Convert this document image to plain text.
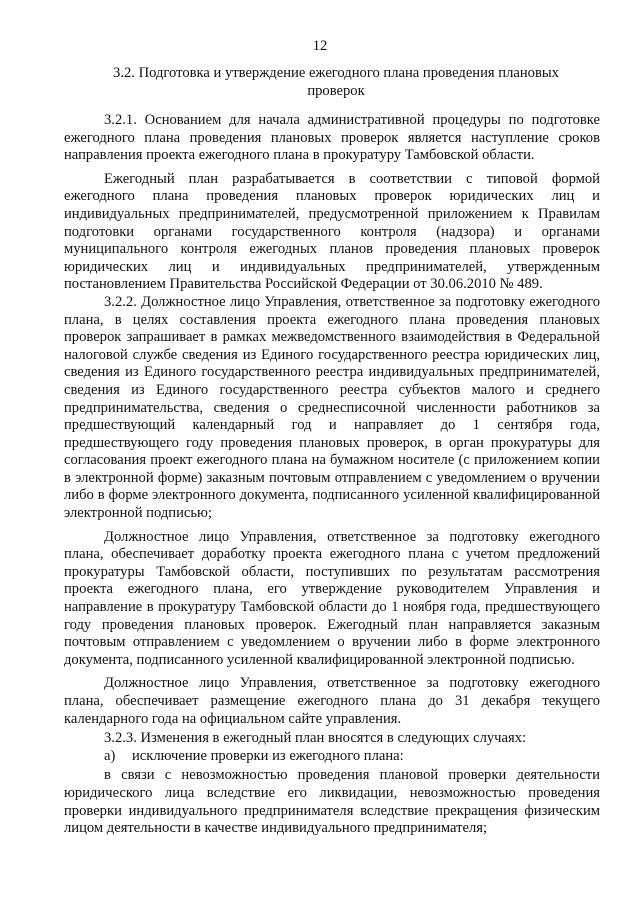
12
3.2. Подготовка и утверждение ежегодного плана проведения плановых проверок

3.2.1. Основанием для начала административной процедуры по подготовке ежегодного плана проведения плановых проверок является наступление сроков направления проекта ежегодного плана в прокуратуру Тамбовской области.

Ежегодный план разрабатывается в соответствии с типовой формой ежегодного плана проведения плановых проверок юридических лиц и индивидуальных предпринимателей, предусмотренной приложением к Правилам подготовки органами государственного контроля (надзора) и органами муниципального контроля ежегодных планов проведения плановых проверок юридических лиц и индивидуальных предпринимателей, утвержденным постановлением Правительства Российской Федерации от 30.06.2010 № 489.

3.2.2. Должностное лицо Управления, ответственное за подготовку ежегодного плана, в целях составления проекта ежегодного плана проведения плановых проверок запрашивает в рамках межведомственного взаимодействия в Федеральной налоговой службе сведения из Единого государственного реестра юридических лиц, сведения из Единого государственного реестра индивидуальных предпринимателей, сведения из Единого государственного реестра субъектов малого и среднего предпринимательства, сведения о среднесписочной численности работников за предшествующий календарный год и направляет до 1 сентября года, предшествующего году проведения плановых проверок, в орган прокуратуры для согласования проект ежегодного плана на бумажном носителе (с приложением копии в электронной форме) заказным почтовым отправлением с уведомлением о вручении либо в форме электронного документа, подписанного усиленной квалифицированной электронной подписью;

Должностное лицо Управления, ответственное за подготовку ежегодного плана, обеспечивает доработку проекта ежегодного плана с учетом предложений прокуратуры Тамбовской области, поступивших по результатам рассмотрения проекта ежегодного плана, его утверждение руководителем Управления и направление в прокуратуру Тамбовской области до 1 ноября года, предшествующего году проведения плановых проверок. Ежегодный план направляется заказным почтовым отправлением с уведомлением о вручении либо в форме электронного документа, подписанного усиленной квалифицированной электронной подписью.

Должностное лицо Управления, ответственное за подготовку ежегодного плана, обеспечивает размещение ежегодного плана до 31 декабря текущего календарного года на официальном сайте управления.

3.2.3. Изменения в ежегодный план вносятся в следующих случаях:

а) исключение проверки из ежегодного плана:

в связи с невозможностью проведения плановой проверки деятельности юридического лица вследствие его ликвидации, невозможностью проведения проверки индивидуального предпринимателя вследствие прекращения физическим лицом деятельности в качестве индивидуального предпринимателя;
